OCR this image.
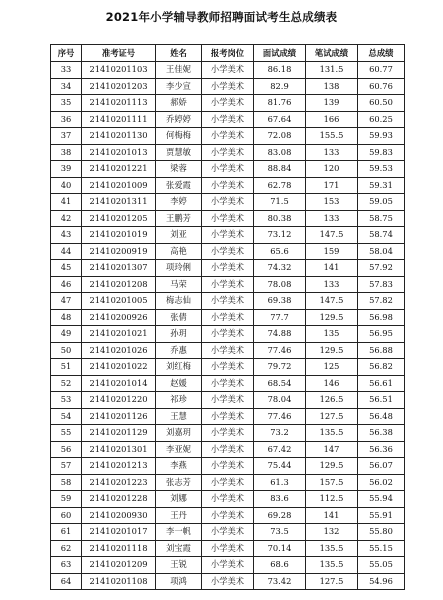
2021年小学辅导教师招聘面试考生总成绩表
序号	准考证号	姓名	报考岗位	面试成绩	笔试成绩	总成绩
33	21410201103	王佳妮	小学美术	86.18	131.5	60.77
34	21410201203	李少宣	小学美术	82.9	138	60.76
35	21410201113	郝娇	小学美术	81.76	139	60.50
36	21410201111	乔婷婷	小学美术	67.64	166	60.25
37	21410201130	何梅梅	小学美术	72.08	155.5	59.93
38	21410201013	贾慧敏	小学美术	83.08	133	59.83
39	21410201221	梁蓉	小学美术	88.84	120	59.53
40	21410201009	张爱霞	小学美术	62.78	171	59.31
41	21410201311	李婷	小学美术	71.5	153	59.05
42	21410201205	王鹏芳	小学美术	80.38	133	58.75
43	21410201019	刘亚	小学美术	73.12	147.5	58.74
44	21410200919	高艳	小学美术	65.6	159	58.04
45	21410201307	项玲俐	小学美术	74.32	141	57.92
46	21410201208	马荣	小学美术	78.08	133	57.83
47	21410201005	梅志仙	小学美术	69.38	147.5	57.82
48	21410200926	张倩	小学美术	77.7	129.5	56.98
49	21410201021	孙玥	小学美术	74.88	135	56.95
50	21410201026	乔惠	小学美术	77.46	129.5	56.88
51	21410201022	刘红梅	小学美术	79.72	125	56.82
52	21410201014	赵媛	小学美术	68.54	146	56.61
53	21410201220	祁珍	小学美术	78.04	126.5	56.51
54	21410201126	王慧	小学美术	77.46	127.5	56.48
55	21410201129	刘嘉玥	小学美术	73.2	135.5	56.38
56	21410201301	李亚妮	小学美术	67.42	147	56.36
57	21410201213	李燕	小学美术	75.44	129.5	56.07
58	21410201223	张志芳	小学美术	61.3	157.5	56.02
59	21410201228	刘娜	小学美术	83.6	112.5	55.94
60	21410200930	王丹	小学美术	69.28	141	55.91
61	21410201017	李一帆	小学美术	73.5	132	55.80
62	21410201118	刘宝霞	小学美术	70.14	135.5	55.15
63	21410201209	王锐	小学美术	68.6	135.5	55.05
64	21410201108	项鸿	小学美术	73.42	127.5	54.96
